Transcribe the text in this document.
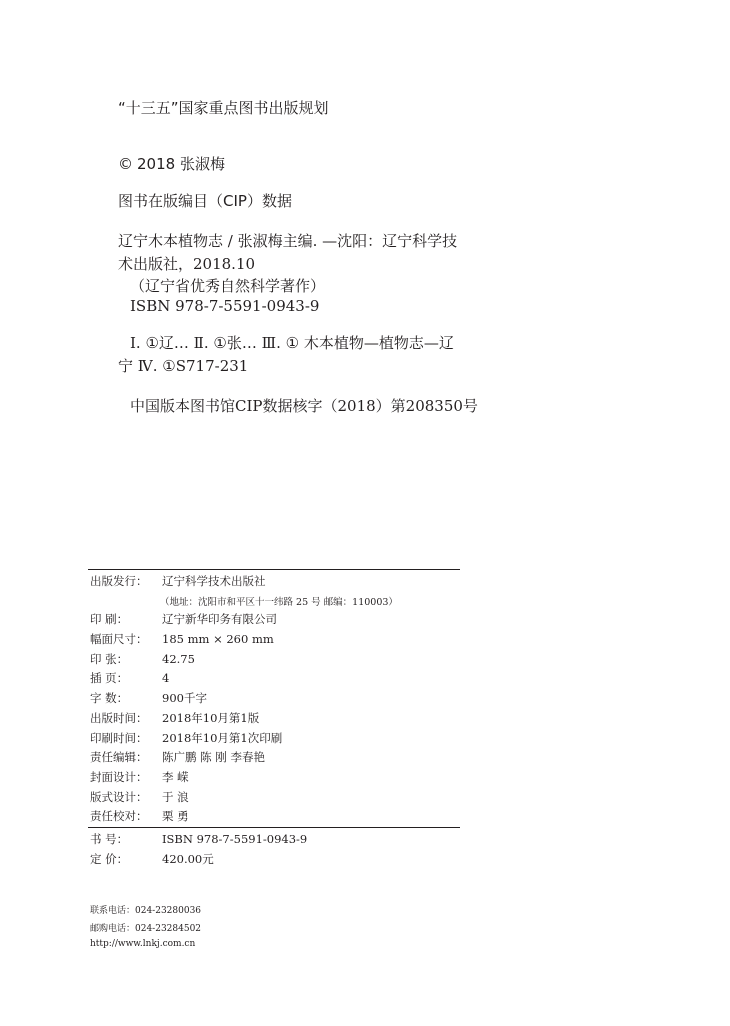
“十三五”国家重点图书出版规划
© 2018 张淑梅
图书在版编目（CIP）数据
辽宁木本植物志 / 张淑梅主编. —沈阳：辽宁科学技
术出版社，2018.10
（辽宁省优秀自然科学著作）
ISBN 978-7-5591-0943-9
Ⅰ. ①辽… Ⅱ. ①张… Ⅲ. ① 木本植物—植物志—辽
宁 Ⅳ. ①S717-231
中国版本图书馆CIP数据核字（2018）第208350号
出版发行： 辽宁科学技术出版社
（地址：沈阳市和平区十一纬路 25 号 邮编：110003）
印 刷：	辽宁新华印务有限公司
幅面尺寸： 185 mm × 260 mm
印 张：	42.75
插 页：	4
字 数：	900千字
出版时间： 2018年10月第1版
印刷时间： 2018年10月第1次印刷
责任编辑： 陈广鹏 陈 刚 李春艳
封面设计： 李 嵘
版式设计： 于 浪
责任校对： 栗 勇
书 号：	ISBN 978-7-5591-0943-9
定 价：	420.00元
联系电话：024-23280036
邮购电话：024-23284502
http://www.lnkj.com.cn
